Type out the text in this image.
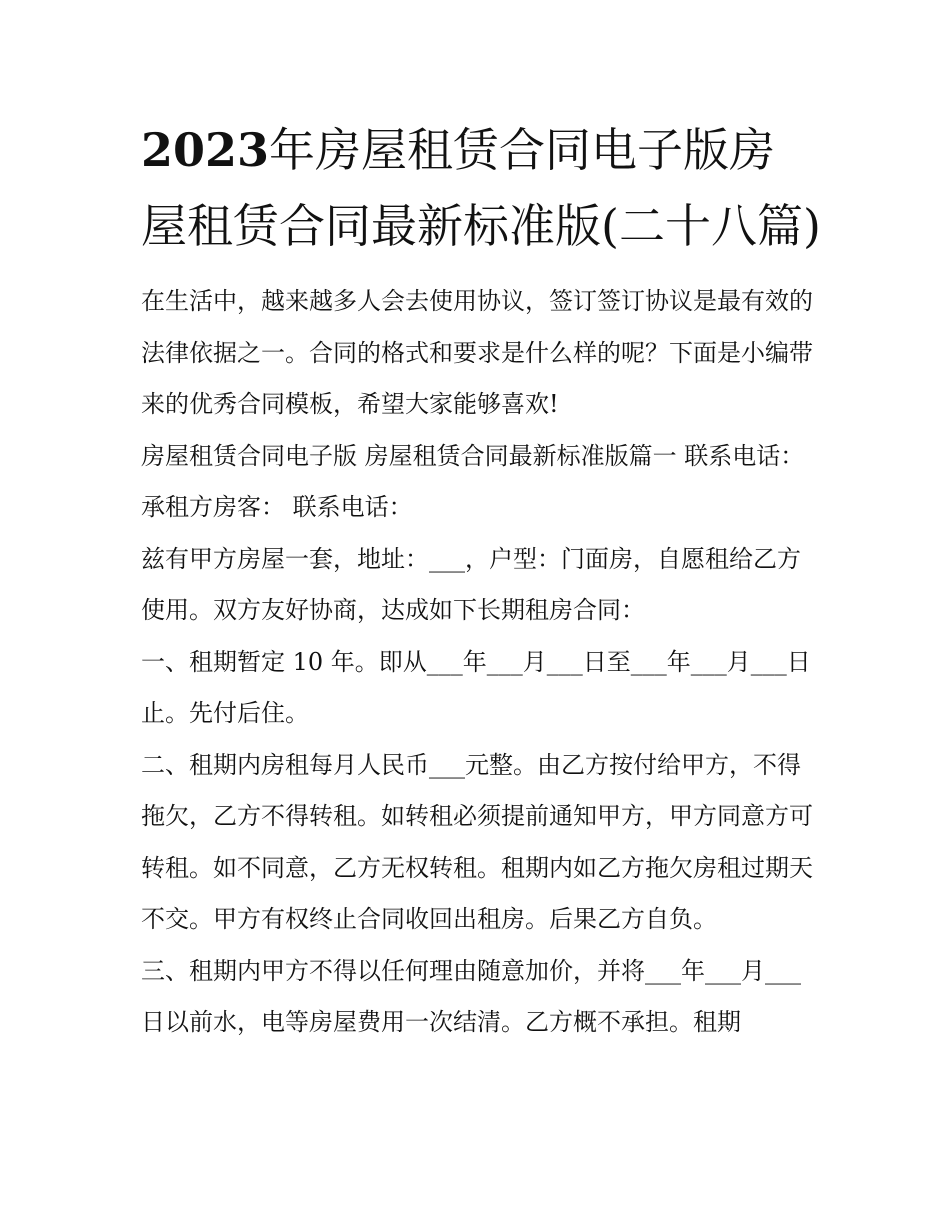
2023年房屋租赁合同电子版房屋租赁合同最新标准版(二十八篇)

在生活中，越来越多人会去使用协议，签订签订协议是最有效的法律依据之一。合同的格式和要求是什么样的呢？下面是小编带来的优秀合同模板，希望大家能够喜欢!

房屋租赁合同电子版 房屋租赁合同最新标准版篇一 联系电话： 承租方房客： 联系电话：

兹有甲方房屋一套，地址：___，户型：门面房，自愿租给乙方使用。双方友好协商，达成如下长期租房合同：

一、租期暂定 10 年。即从___年___月___日至___年___月___日止。先付后住。

二、租期内房租每月人民币___元整。由乙方按付给甲方，不得拖欠，乙方不得转租。如转租必须提前通知甲方，甲方同意方可转租。如不同意，乙方无权转租。租期内如乙方拖欠房租过期天不交。甲方有权终止合同收回出租房。后果乙方自负。

三、租期内甲方不得以任何理由随意加价，并将___年___月___日以前水，电等房屋费用一次结清。乙方概不承担。租期
